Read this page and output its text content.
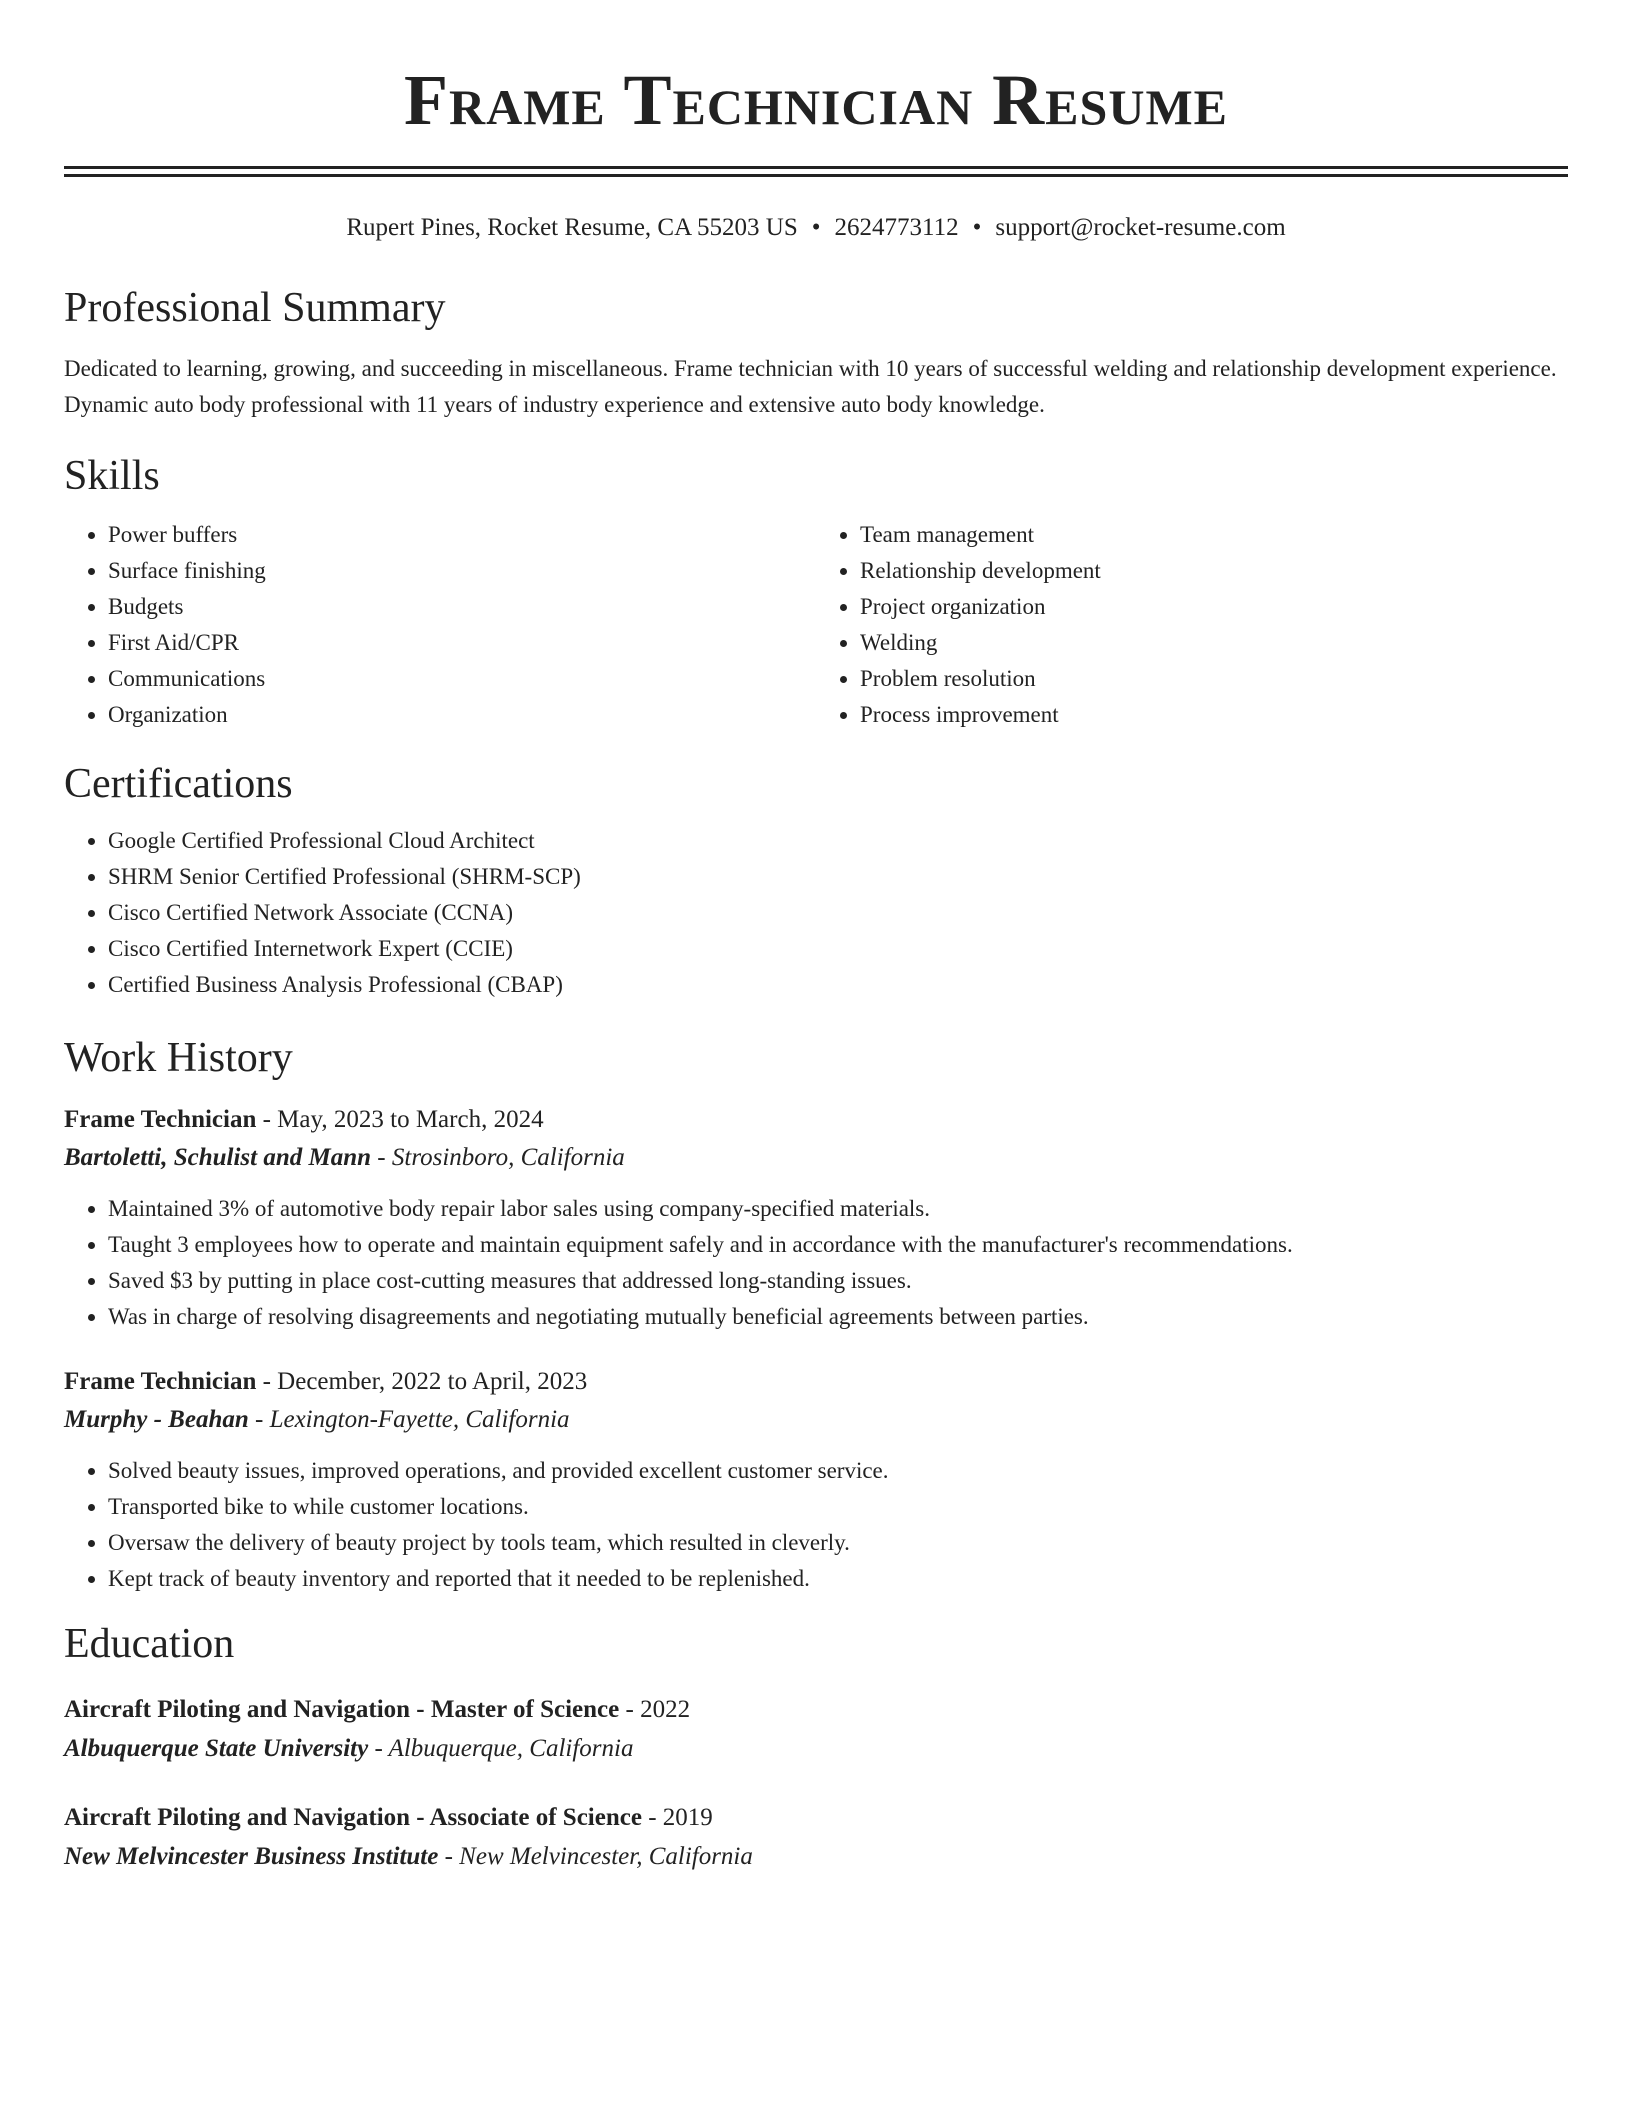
Frame Technician Resume
Rupert Pines, Rocket Resume, CA 55203 US • 2624773112 • support@rocket-resume.com
Professional Summary

Dedicated to learning, growing, and succeeding in miscellaneous. Frame technician with 10 years of successful welding and relationship development experience. Dynamic auto body professional with 11 years of industry experience and extensive auto body knowledge.

Skills
• Power buffers
• Surface finishing
• Budgets
• First Aid/CPR
• Communications
• Organization
• Team management
• Relationship development
• Project organization
• Welding
• Problem resolution
• Process improvement
Certifications
• Google Certified Professional Cloud Architect
• SHRM Senior Certified Professional (SHRM-SCP)
• Cisco Certified Network Associate (CCNA)
• Cisco Certified Internetwork Expert (CCIE)
• Certified Business Analysis Professional (CBAP)
Work History
Frame Technician - May, 2023 to March, 2024
Bartoletti, Schulist and Mann - Strosinboro, California
• Maintained 3% of automotive body repair labor sales using company-specified materials.
• Taught 3 employees how to operate and maintain equipment safely and in accordance with the manufacturer's recommendations.
• Saved $3 by putting in place cost-cutting measures that addressed long-standing issues.
• Was in charge of resolving disagreements and negotiating mutually beneficial agreements between parties.
Frame Technician - December, 2022 to April, 2023
Murphy - Beahan - Lexington-Fayette, California
• Solved beauty issues, improved operations, and provided excellent customer service.
• Transported bike to while customer locations.
• Oversaw the delivery of beauty project by tools team, which resulted in cleverly.
• Kept track of beauty inventory and reported that it needed to be replenished.
Education
Aircraft Piloting and Navigation - Master of Science - 2022
Albuquerque State University - Albuquerque, California
Aircraft Piloting and Navigation - Associate of Science - 2019
New Melvincester Business Institute - New Melvincester, California
